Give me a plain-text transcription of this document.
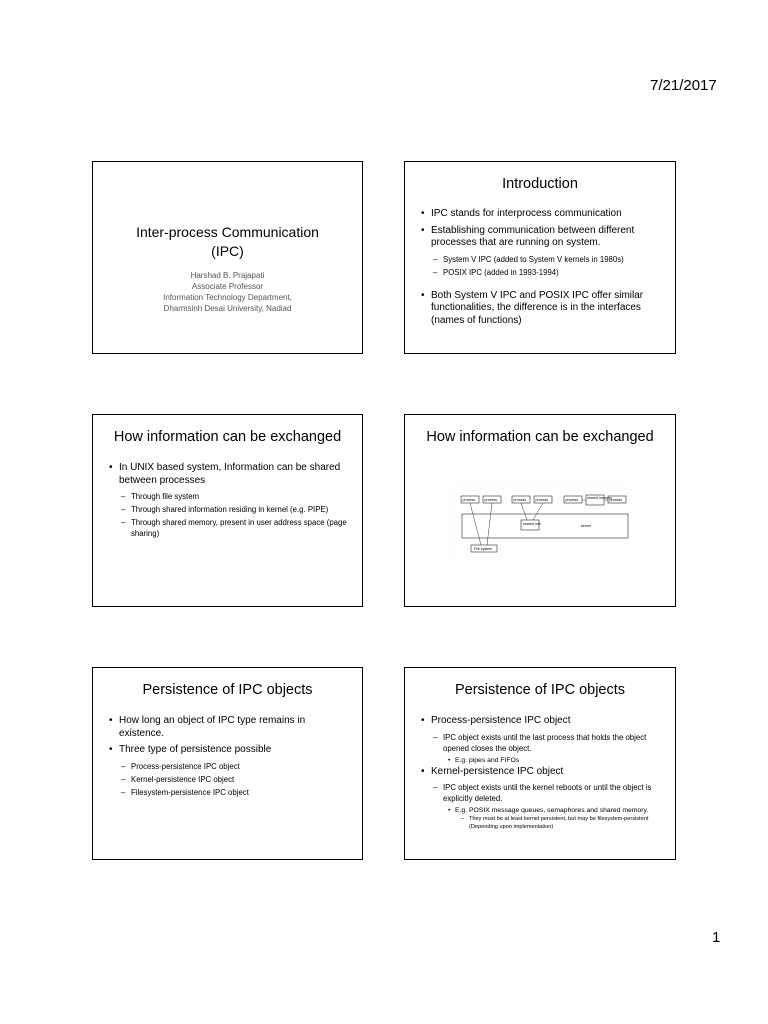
7/21/2017
Inter-process Communication
(IPC)
Harshad B. Prajapati
Associate Professor
Information Technology Department,
Dharmsinh Desai University, Nadiad
Introduction
• IPC stands for interprocess communication
• Establishing communication between different processes that are running on system.
– System V IPC (added to System V kernels in 1980s)
– POSIX IPC (added in 1993-1994)
• Both System V IPC and POSIX IPC offer similar functionalities, the difference is in the interfaces (names of functions)
How information can be exchanged
• In UNIX based system, Information can be shared between processes
– Through file system
– Through shared information residing in kernel (e.g. PIPE)
– Through shared memory, present in user address space (page sharing)
How information can be exchanged
process	process	process	process	process shared memory
process
shared info	kernel
File system
Persistence of IPC objects
• How long an object of IPC type remains in existence.
• Three type of persistence possible
– Process-persistence IPC object
– Kernel-persistence IPC object
– Filesystem-persistence IPC object
Persistence of IPC objects
• Process-persistence IPC object
– IPC object exists until the last process that holds the object opened closes the object.
• E.g. pipes and FIFOs
• Kernel-persistence IPC object
– IPC object exists until the kernel reboots or until the object is explicitly deleted.
• E.g. POSIX message queues, semaphores and shared memory.
– They must be at least kernel persistent, but may be filesystem-persistent (Depending upon implementation)
1
